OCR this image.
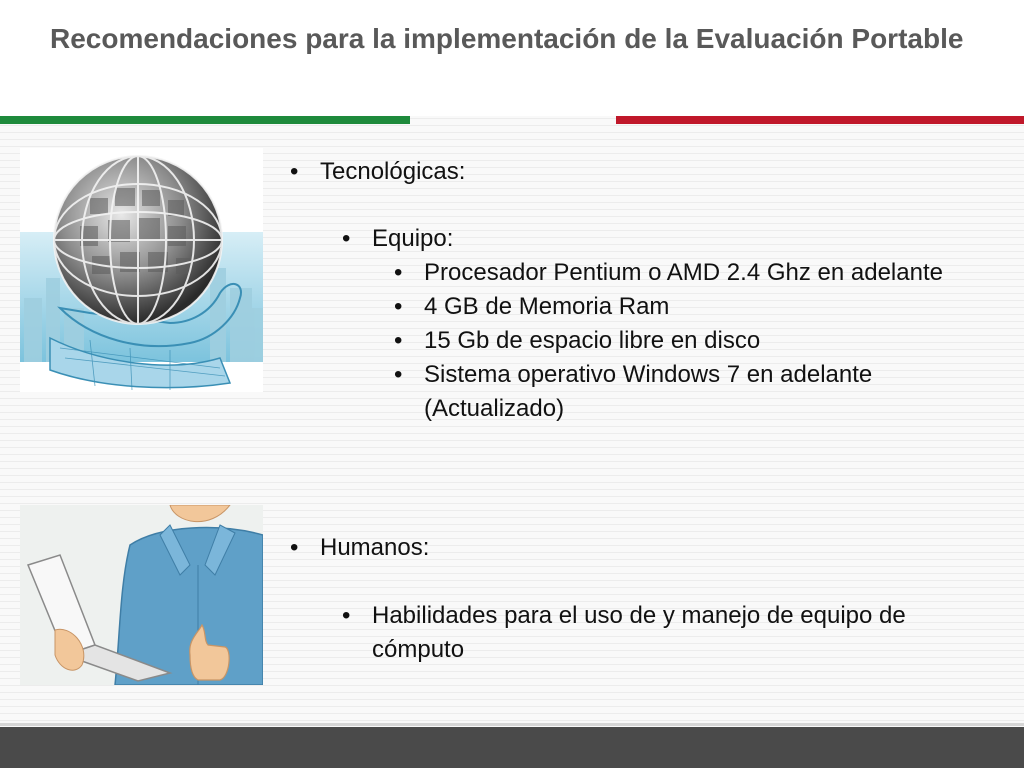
Recomendaciones para la implementación de la Evaluación Portable
• Tecnológicas:
• Equipo:
• Procesador Pentium o AMD 2.4 Ghz en adelante
• 4 GB de Memoria Ram
• 15 Gb de espacio libre en disco
• Sistema operativo Windows 7 en adelante (Actualizado)
• Humanos:
• Habilidades para el uso de y manejo de equipo de cómputo
